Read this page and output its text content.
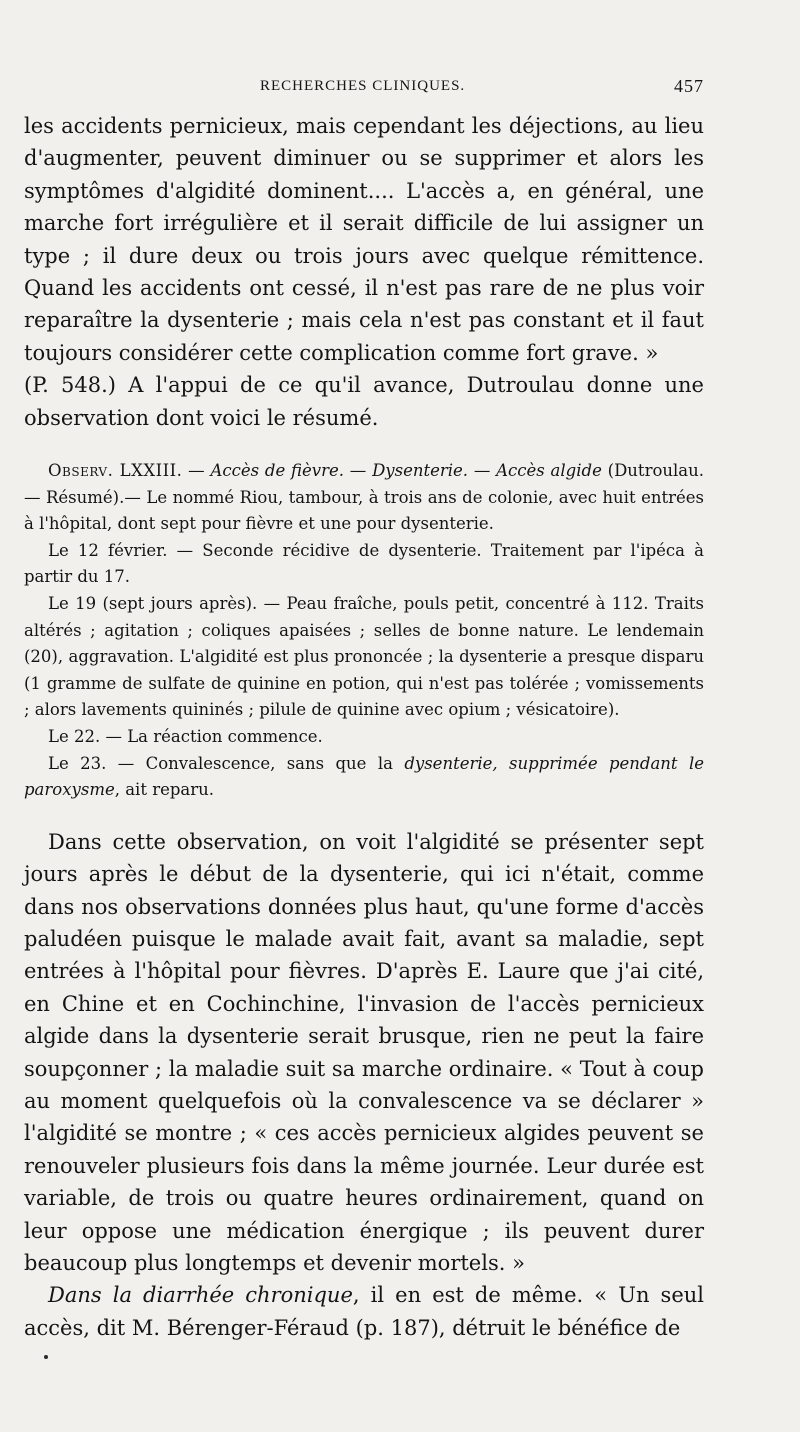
RECHERCHES CLINIQUES.	457

les accidents pernicieux, mais cependant les déjections, au lieu d'augmenter, peuvent diminuer ou se supprimer et alors les symptômes d'algidité dominent.... L'accès a, en général, une marche fort irrégulière et il serait difficile de lui assigner un type ; il dure deux ou trois jours avec quelque rémittence. Quand les accidents ont cessé, il n'est pas rare de ne plus voir reparaître la dysenterie ; mais cela n'est pas constant et il faut toujours considérer cette complication comme fort grave. »

(P. 548.) A l'appui de ce qu'il avance, Dutroulau donne une observation dont voici le résumé.

Observ. LXXIII. — Accès de fièvre. — Dysenterie. — Accès algide (Dutroulau.— Résumé).— Le nommé Riou, tambour, à trois ans de colonie, avec huit entrées à l'hôpital, dont sept pour fièvre et une pour dysenterie.

Le 12 février. — Seconde récidive de dysenterie. Traitement par l'ipéca à partir du 17.

Le 19 (sept jours après). — Peau fraîche, pouls petit, concentré à 112. Traits altérés ; agitation ; coliques apaisées ; selles de bonne nature. Le lendemain (20), aggravation. L'algidité est plus prononcée ; la dysenterie a presque disparu (1 gramme de sulfate de quinine en potion, qui n'est pas tolérée ; vomissements ; alors lavements quininés ; pilule de quinine avec opium ; vésicatoire).

Le 22. — La réaction commence.

Le 23. — Convalescence, sans que la dysenterie, supprimée pendant le paroxysme, ait reparu.

Dans cette observation, on voit l'algidité se présenter sept jours après le début de la dysenterie, qui ici n'était, comme dans nos observations données plus haut, qu'une forme d'accès paludéen puisque le malade avait fait, avant sa maladie, sept entrées à l'hôpital pour fièvres. D'après E. Laure que j'ai cité, en Chine et en Cochinchine, l'invasion de l'accès pernicieux algide dans la dysenterie serait brusque, rien ne peut la faire soupçonner ; la maladie suit sa marche ordinaire. « Tout à coup au moment quelquefois où la convalescence va se déclarer » l'algidité se montre ; « ces accès pernicieux algides peuvent se renouveler plusieurs fois dans la même journée. Leur durée est variable, de trois ou quatre heures ordinairement, quand on leur oppose une médication énergique ; ils peuvent durer beaucoup plus longtemps et devenir mortels. »

Dans la diarrhée chronique, il en est de même. « Un seul accès, dit M. Bérenger-Féraud (p. 187), détruit le bénéfice de
